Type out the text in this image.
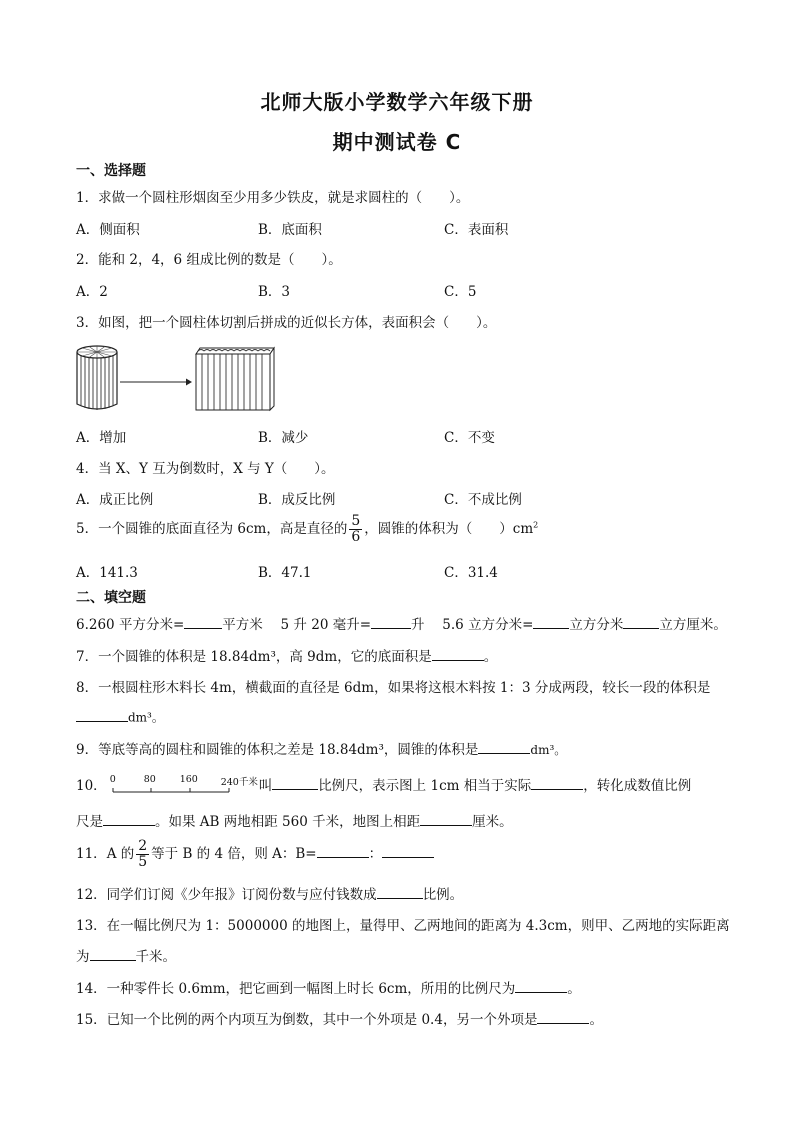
北师大版小学数学六年级下册
期中测试卷 C
一、选择题
1．求做一个圆柱形烟囱至少用多少铁皮，就是求圆柱的（　　）。
A．侧面积	B．底面积	C．表面积
2．能和 2，4，6 组成比例的数是（　　）。
A．2	B．3	C．5
3．如图，把一个圆柱体切割后拼成的近似长方体，表面积会（　　）。
A．增加	B．减少	C．不变
4．当 X、Y 互为倒数时，X 与 Y（　　）。
A．成正比例	B．成反比例	C．不成比例
5．一个圆锥的底面直径为 6cm，高是直径的 $\frac{5}{6}$ ，圆锥的体积为（　　）$cm^2$
A．141.3	B．47.1	C．31.4
二、填空题
6.260 平方分米=	平方米　 5 升 20 毫升=	升　 5.6 立方分米=	立方分米	立方厘米。
7．一个圆锥的体积是 18.84dm³，高 9dm，它的底面积是	。
8．一根圆柱形木料长 4m，横截面的直径是 6dm，如果将这根木料按 1：3 分成两段，较长一段的体积是
dm³。
9．等底等高的圆柱和圆锥的体积之差是 18.84dm³，圆锥的体积是	dm³。
10． 0	80	160 240千米 叫	比例尺，表示图上 1cm 相当于实际	，转化成数值比例
尺是	。如果 AB 两地相距 560 千米，地图上相距	厘米。
11．A 的 $\frac{2}{5}$ 等于 B 的 4 倍，则 A：B=	：
12．同学们订阅《少年报》订阅份数与应付钱数成	比例。
13．在一幅比例尺为 1：5000000 的地图上，量得甲、乙两地间的距离为 4.3cm，则甲、乙两地的实际距离
为	千米。
14．一种零件长 0.6mm，把它画到一幅图上时长 6cm，所用的比例尺为	。
15．已知一个比例的两个内项互为倒数，其中一个外项是 0.4，另一个外项是	。
